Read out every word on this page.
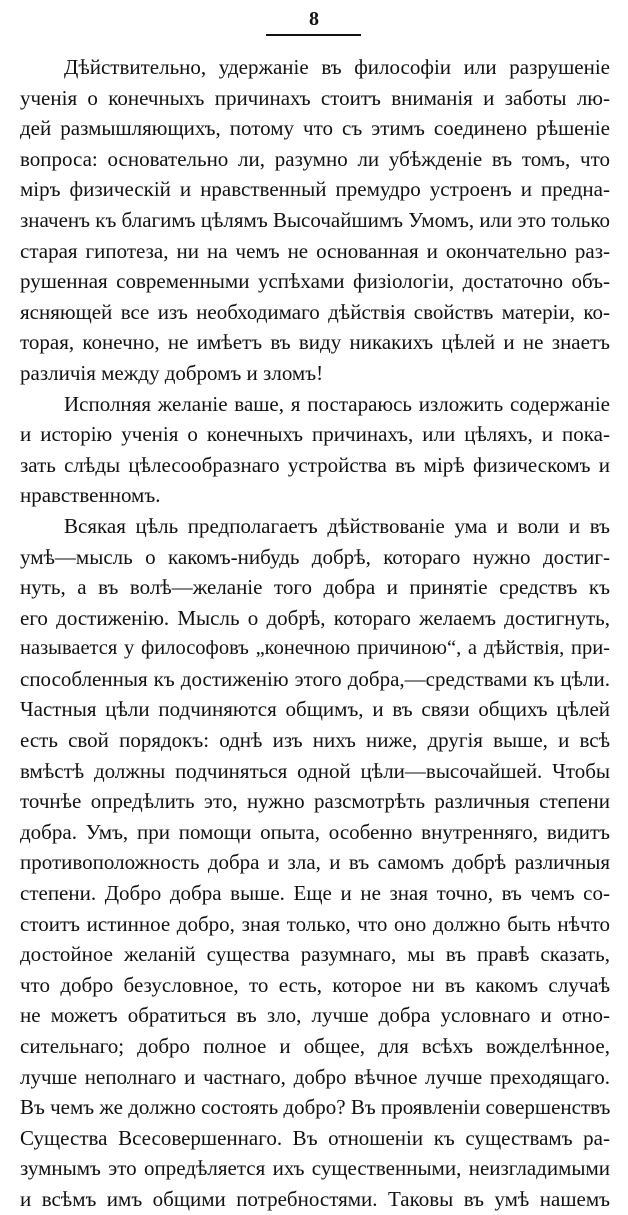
8
Дѣйствительно, удержаніе въ философіи или разрушеніе
ученія о конечныхъ причинахъ стоитъ вниманія и заботы лю-
дей размышляющихъ, потому что съ этимъ соединено рѣшеніе
вопроса: основательно ли, разумно ли убѣжденіе въ томъ, что
міръ физическій и нравственный премудро устроенъ и предна-
значенъ къ благимъ цѣлямъ Высочайшимъ Умомъ, или это только
старая гипотеза, ни на чемъ не основанная и окончательно раз-
рушенная современными успѣхами физіологіи, достаточно объ-
ясняющей все изъ необходимаго дѣйствія свойствъ матеріи, ко-
торая, конечно, не имѣетъ въ виду никакихъ цѣлей и не знаетъ
различія между добромъ и зломъ!
Исполняя желаніе ваше, я постараюсь изложить содержаніе
и исторію ученія о конечныхъ причинахъ, или цѣляхъ, и пока-
зать слѣды цѣлесообразнаго устройства въ мірѣ физическомъ и
нравственномъ.
Всякая цѣль предполагаетъ дѣйствованіе ума и воли и въ
умѣ—мысль о какомъ-нибудь добрѣ, котораго нужно достиг-
нуть, а въ волѣ—желаніе того добра и принятіе средствъ къ
его достиженію. Мысль о добрѣ, котораго желаемъ достигнуть,
называется у философовъ „конечною причиною“, а дѣйствія, при-
способленныя къ достиженію этого добра,—средствами къ цѣли.
Частныя цѣли подчиняются общимъ, и въ связи общихъ цѣлей
есть свой порядокъ: однѣ изъ нихъ ниже, другія выше, и всѣ
вмѣстѣ должны подчиняться одной цѣли—высочайшей. Чтобы
точнѣе опредѣлить это, нужно разсмотрѣть различныя степени
добра. Умъ, при помощи опыта, особенно внутренняго, видитъ
противоположность добра и зла, и въ самомъ добрѣ различныя
степени. Добро добра выше. Еще и не зная точно, въ чемъ со-
стоитъ истинное добро, зная только, что оно должно быть нѣчто
достойное желаній существа разумнаго, мы въ правѣ сказать,
что добро безусловное, то есть, которое ни въ какомъ случаѣ
не можетъ обратиться въ зло, лучше добра условнаго и отно-
сительнаго; добро полное и общее, для всѣхъ вожделѣнное,
лучше неполнаго и частнаго, добро вѣчное лучше преходящаго.
Въ чемъ же должно состоять добро? Въ проявленіи совершенствъ
Существа Всесовершеннаго. Въ отношеніи къ существамъ ра-
зумнымъ это опредѣляется ихъ существенными, неизгладимыми
и всѣмъ имъ общими потребностями. Таковы въ умѣ нашемъ
